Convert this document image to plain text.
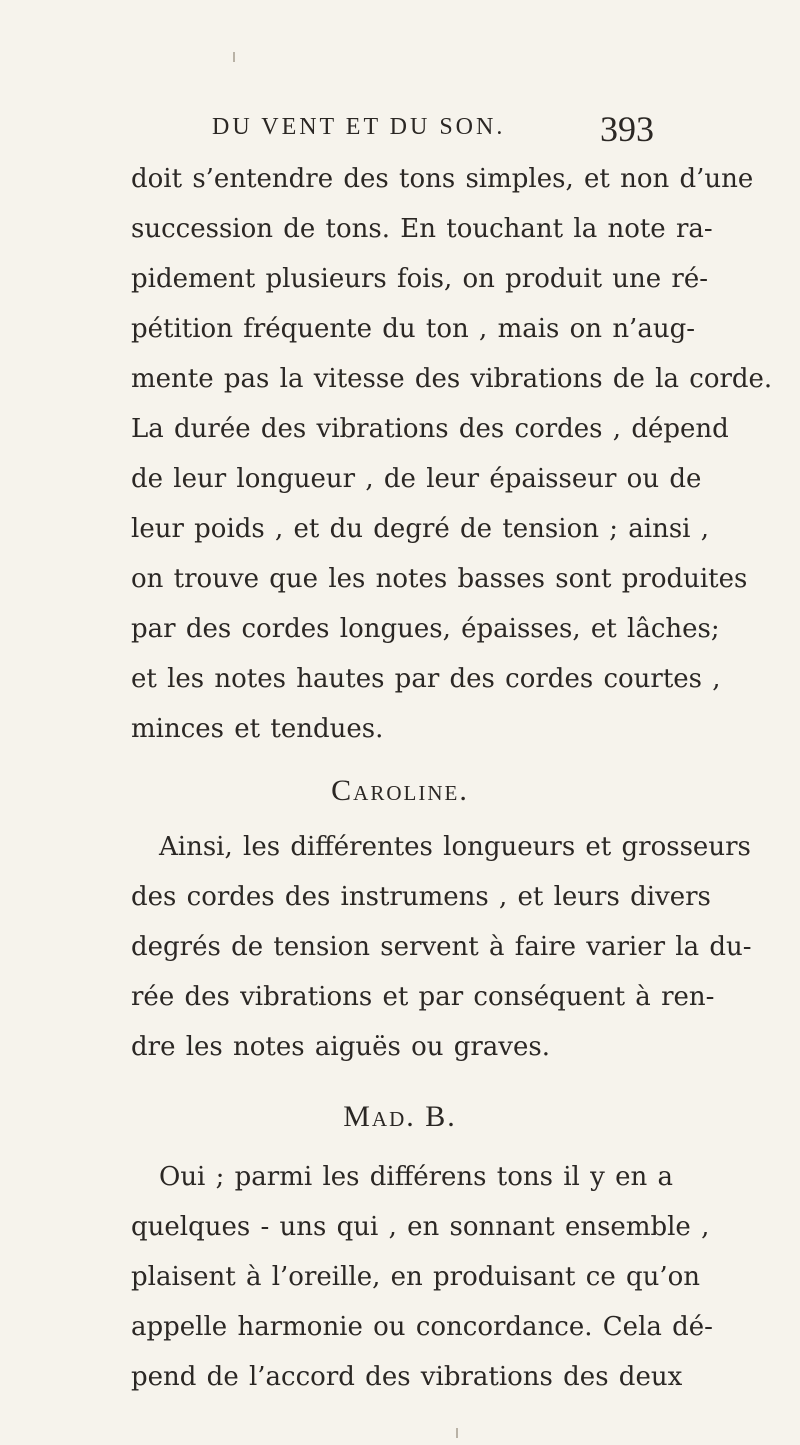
DU VENT ET DU SON.	393
doit s’entendre des tons simples, et non d’une
succession de tons. En touchant la note ra-
pidement plusieurs fois, on produit une ré-
pétition fréquente du ton , mais on n’aug-
mente pas la vitesse des vibrations de la corde.
La durée des vibrations des cordes , dépend
de leur longueur , de leur épaisseur ou de
leur poids , et du degré de tension ; ainsi ,
on trouve que les notes basses sont produites
par des cordes longues, épaisses, et lâches;
et les notes hautes par des cordes courtes ,
minces et tendues.
Caroline.
Ainsi, les différentes longueurs et grosseurs
des cordes des instrumens , et leurs divers
degrés de tension servent à faire varier la du-
rée des vibrations et par conséquent à ren-
dre les notes aiguës ou graves.
Mad. B.
Oui ; parmi les différens tons il y en a
quelques - uns qui , en sonnant ensemble ,
plaisent à l’oreille, en produisant ce qu’on
appelle harmonie ou concordance. Cela dé-
pend de l’accord des vibrations des deux
